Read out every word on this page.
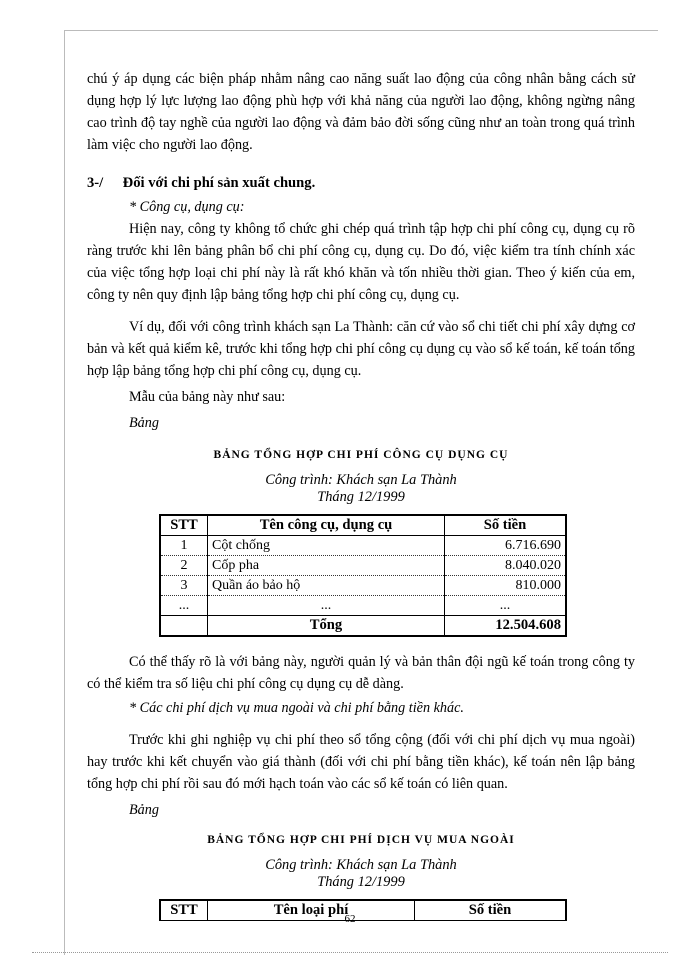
chú ý áp dụng các biện pháp nhằm nâng cao năng suất lao động của công nhân bằng cách sử dụng hợp lý lực lượng lao động phù hợp với khả năng của người lao động, không ngừng nâng cao trình độ tay nghề của người lao động và đảm bảo đời sống cũng như an toàn trong quá trình làm việc cho người lao động.

3-/ Đối với chi phí sản xuất chung.

* Công cụ, dụng cụ:

Hiện nay, công ty không tổ chức ghi chép quá trình tập hợp chi phí công cụ, dụng cụ rõ ràng trước khi lên bảng phân bổ chi phí công cụ, dụng cụ. Do đó, việc kiểm tra tính chính xác của việc tổng hợp loại chi phí này là rất khó khăn và tốn nhiều thời gian. Theo ý kiến của em, công ty nên quy định lập bảng tổng hợp chi phí công cụ, dụng cụ.

Ví dụ, đối với công trình khách sạn La Thành: căn cứ vào sổ chi tiết chi phí xây dựng cơ bản và kết quả kiểm kê, trước khi tổng hợp chi phí công cụ dụng cụ vào sổ kế toán, kế toán tổng hợp lập bảng tổng hợp chi phí công cụ, dụng cụ.

Mẫu của bảng này như sau:

Bảng

BẢNG TỔNG HỢP CHI PHÍ CÔNG CỤ DỤNG CỤ
Công trình: Khách sạn La Thành
Tháng 12/1999
STT	Tên công cụ, dụng cụ	Số tiền
1	Cột chống	6.716.690
2	Cốp pha	8.040.020
3	Quần áo bảo hộ	810.000
...	...	...
	Tổng	12.504.608

Có thể thấy rõ là với bảng này, người quản lý và bản thân đội ngũ kế toán trong công ty có thể kiểm tra số liệu chi phí công cụ dụng cụ dễ dàng.

* Các chi phí dịch vụ mua ngoài và chi phí bằng tiền khác.

Trước khi ghi nghiệp vụ chi phí theo sổ tổng cộng (đối với chi phí dịch vụ mua ngoài) hay trước khi kết chuyển vào giá thành (đối với chi phí bằng tiền khác), kế toán nên lập bảng tổng hợp chi phí rồi sau đó mới hạch toán vào các sổ kế toán có liên quan.

Bảng

BẢNG TỔNG HỢP CHI PHÍ DỊCH VỤ MUA NGOÀI
Công trình: Khách sạn La Thành
Tháng 12/1999
STT	Tên loại phí	Số tiền
62
